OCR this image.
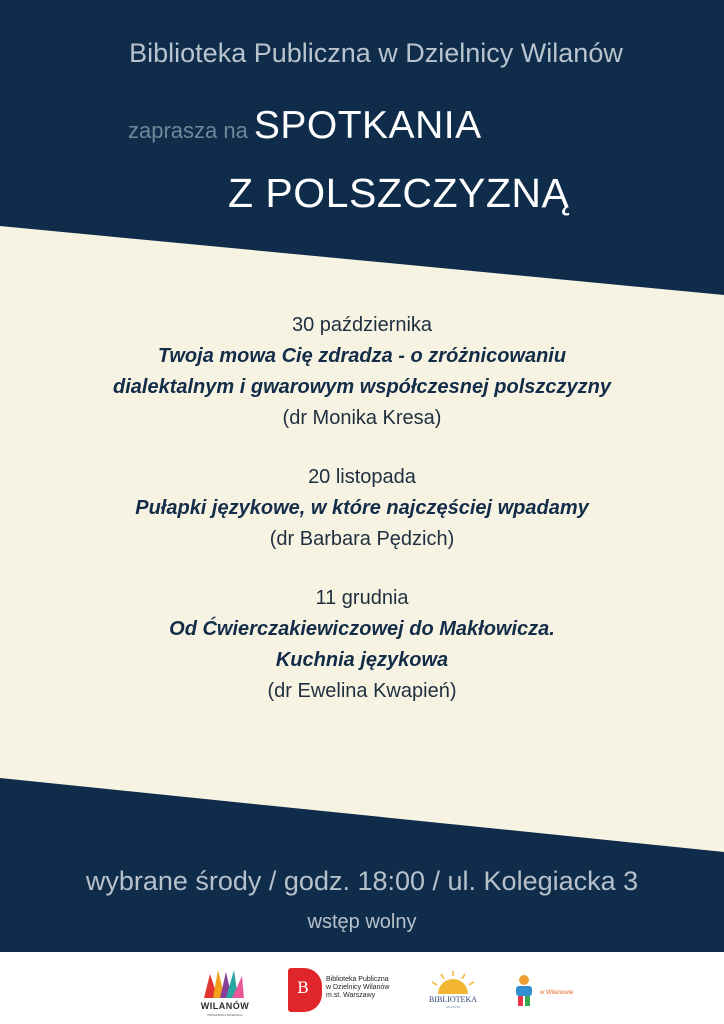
Biblioteka Publiczna w Dzielnicy Wilanów

zaprasza na SPOTKANIA

Z POLSZCZYZNĄ

30 października
Twoja mowa Cię zdradza - o zróżnicowaniu
dialektalnym i gwarowym współczesnej polszczyzny
(dr Monika Kresa)
20 listopada
Pułapki językowe, w które najczęściej wpadamy
(dr Barbara Pędzich)
11 grudnia
Od Ćwierczakiewiczowej do Makłowicza.
Kuchnia językowa
(dr Ewelina Kwapień)
wybrane środy / godz. 18:00 / ul. Kolegiacka 3
wstęp wolny
WILANÓW
KRÓLEWSKA DZIELNICA
B Biblioteka Publiczna
w Dzielnicy Wilanów
m.st. Warszawy	BIBLIOTEKA
WILANÓW
w Wilanowie
